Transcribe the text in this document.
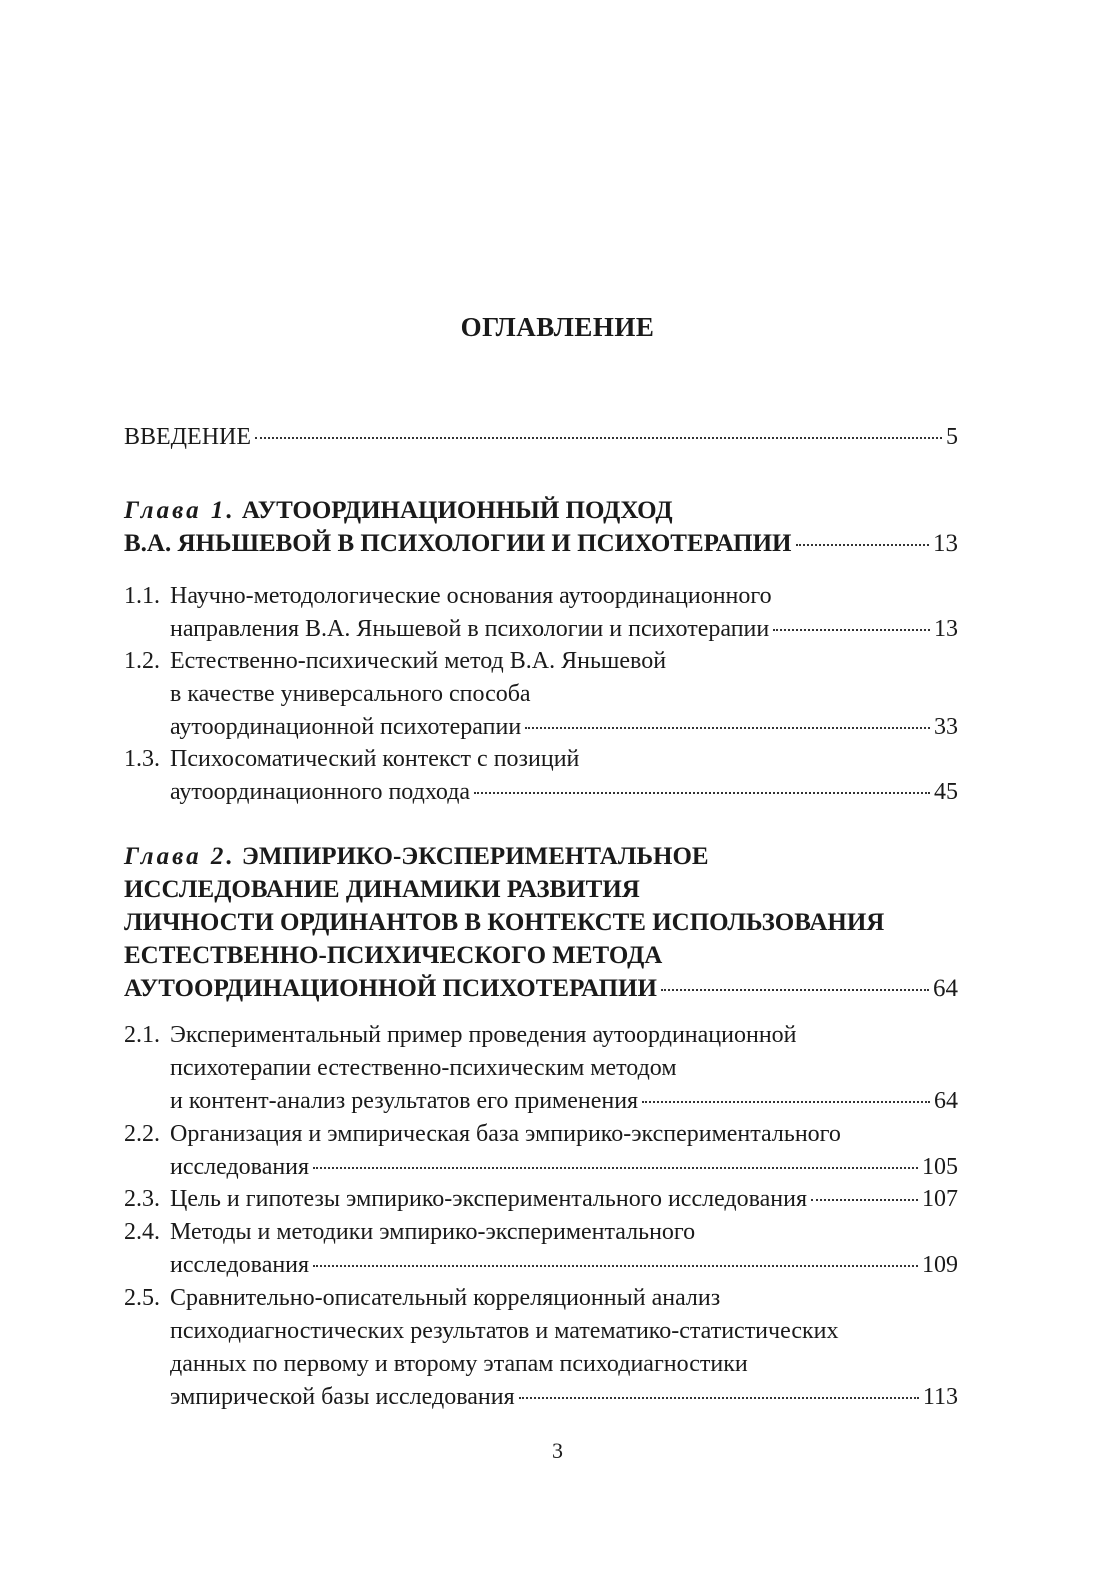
ОГЛАВЛЕНИЕ
ВВЕДЕНИЕ	5
Глава 1.
АУТООРДИНАЦИОННЫЙ ПОДХОД
В.А. ЯНЬШЕВОЙ В ПСИХОЛОГИИ И ПСИХОТЕРАПИИ	13
1.1. Научно-методологические основания аутоординационного
направления В.А. Яньшевой в психологии и психотерапии	13
1.2. Естественно-психический метод В.А. Яньшевой
в качестве универсального способа
аутоординационной психотерапии	33
1.3. Психосоматический контекст с позиций
аутоординационного подхода	45
Глава 2.
ЭМПИРИКО-ЭКСПЕРИМЕНТАЛЬНОЕ
ИССЛЕДОВАНИЕ ДИНАМИКИ РАЗВИТИЯ
ЛИЧНОСТИ ОРДИНАНТОВ В КОНТЕКСТЕ ИСПОЛЬЗОВАНИЯ
ЕСТЕСТВЕННО-ПСИХИЧЕСКОГО МЕТОДА
АУТООРДИНАЦИОННОЙ ПСИХОТЕРАПИИ	64
2.1. Экспериментальный пример проведения аутоординационной
психотерапии естественно-психическим методом
и контент-анализ результатов его применения	64
2.2. Организация и эмпирическая база эмпирико-экспериментального
исследования	105
2.3. Цель и гипотезы эмпирико-экспериментального исследования	107
2.4. Методы и методики эмпирико-экспериментального
исследования	109
2.5. Сравнительно-описательный корреляционный анализ
психодиагностических результатов и математико-статистических
данных по первому и второму этапам психодиагностики
эмпирической базы исследования	113
3
